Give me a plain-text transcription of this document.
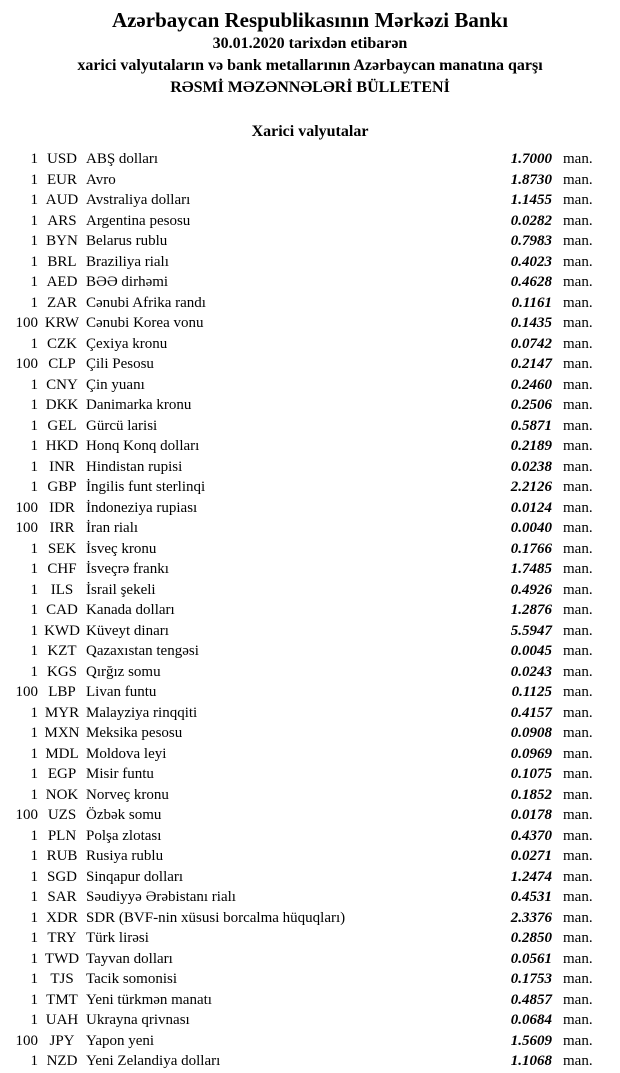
Azərbaycan Respublikasının Mərkəzi Bankı
30.01.2020 tarixdən etibarən
xarici valyutaların və bank metallarının Azərbaycan manatına qarşı
RƏSMİ MƏZƏNNƏLƏRİ BÜLLETENİ
Xarici valyutalar
1 USD ABŞ dolları	1.7000 man.
1 EUR Avro	1.8730 man.
1 AUD Avstraliya dolları	1.1455 man.
1 ARS Argentina pesosu	0.0282 man.
1 BYN Belarus rublu	0.7983 man.
1 BRL Braziliya rialı	0.4023 man.
1 AED BƏƏ dirhəmi	0.4628 man.
1 ZAR Cənubi Afrika randı	0.1161 man.
100 KRW Cənubi Korea vonu	0.1435 man.
1 CZK Çexiya kronu	0.0742 man.
100 CLP Çili Pesosu	0.2147 man.
1 CNY Çin yuanı	0.2460 man.
1 DKK Danimarka kronu	0.2506 man.
1 GEL Gürcü larisi	0.5871 man.
1 HKD Honq Konq dolları	0.2189 man.
1 INR Hindistan rupisi	0.0238 man.
1 GBP İngilis funt sterlinqi	2.2126 man.
100 IDR İndoneziya rupiası	0.0124 man.
100 IRR İran rialı	0.0040 man.
1 SEK İsveç kronu	0.1766 man.
1 CHF İsveçrə frankı	1.7485 man.
1 ILS İsrail şekeli	0.4926 man.
1 CAD Kanada dolları	1.2876 man.
1 KWD Küveyt dinarı	5.5947 man.
1 KZT Qazaxıstan tengəsi	0.0045 man.
1 KGS Qırğız somu	0.0243 man.
100 LBP Livan funtu	0.1125 man.
1 MYR Malayziya rinqqiti	0.4157 man.
1 MXN Meksika pesosu	0.0908 man.
1 MDL Moldova leyi	0.0969 man.
1 EGP Misir funtu	0.1075 man.
1 NOK Norveç kronu	0.1852 man.
100 UZS Özbək somu	0.0178 man.
1 PLN Polşa zlotası	0.4370 man.
1 RUB Rusiya rublu	0.0271 man.
1 SGD Sinqapur dolları	1.2474 man.
1 SAR Səudiyyə Ərəbistanı rialı	0.4531 man.
1 XDR SDR (BVF-nin xüsusi borcalma hüquqları)	2.3376 man.
1 TRY Türk lirəsi	0.2850 man.
1 TWD Tayvan dolları	0.0561 man.
1 TJS Tacik somonisi	0.1753 man.
1 TMT Yeni türkmən manatı	0.4857 man.
1 UAH Ukrayna qrivnası	0.0684 man.
100 JPY Yapon yeni	1.5609 man.
1 NZD Yeni Zelandiya dolları	1.1068 man.
